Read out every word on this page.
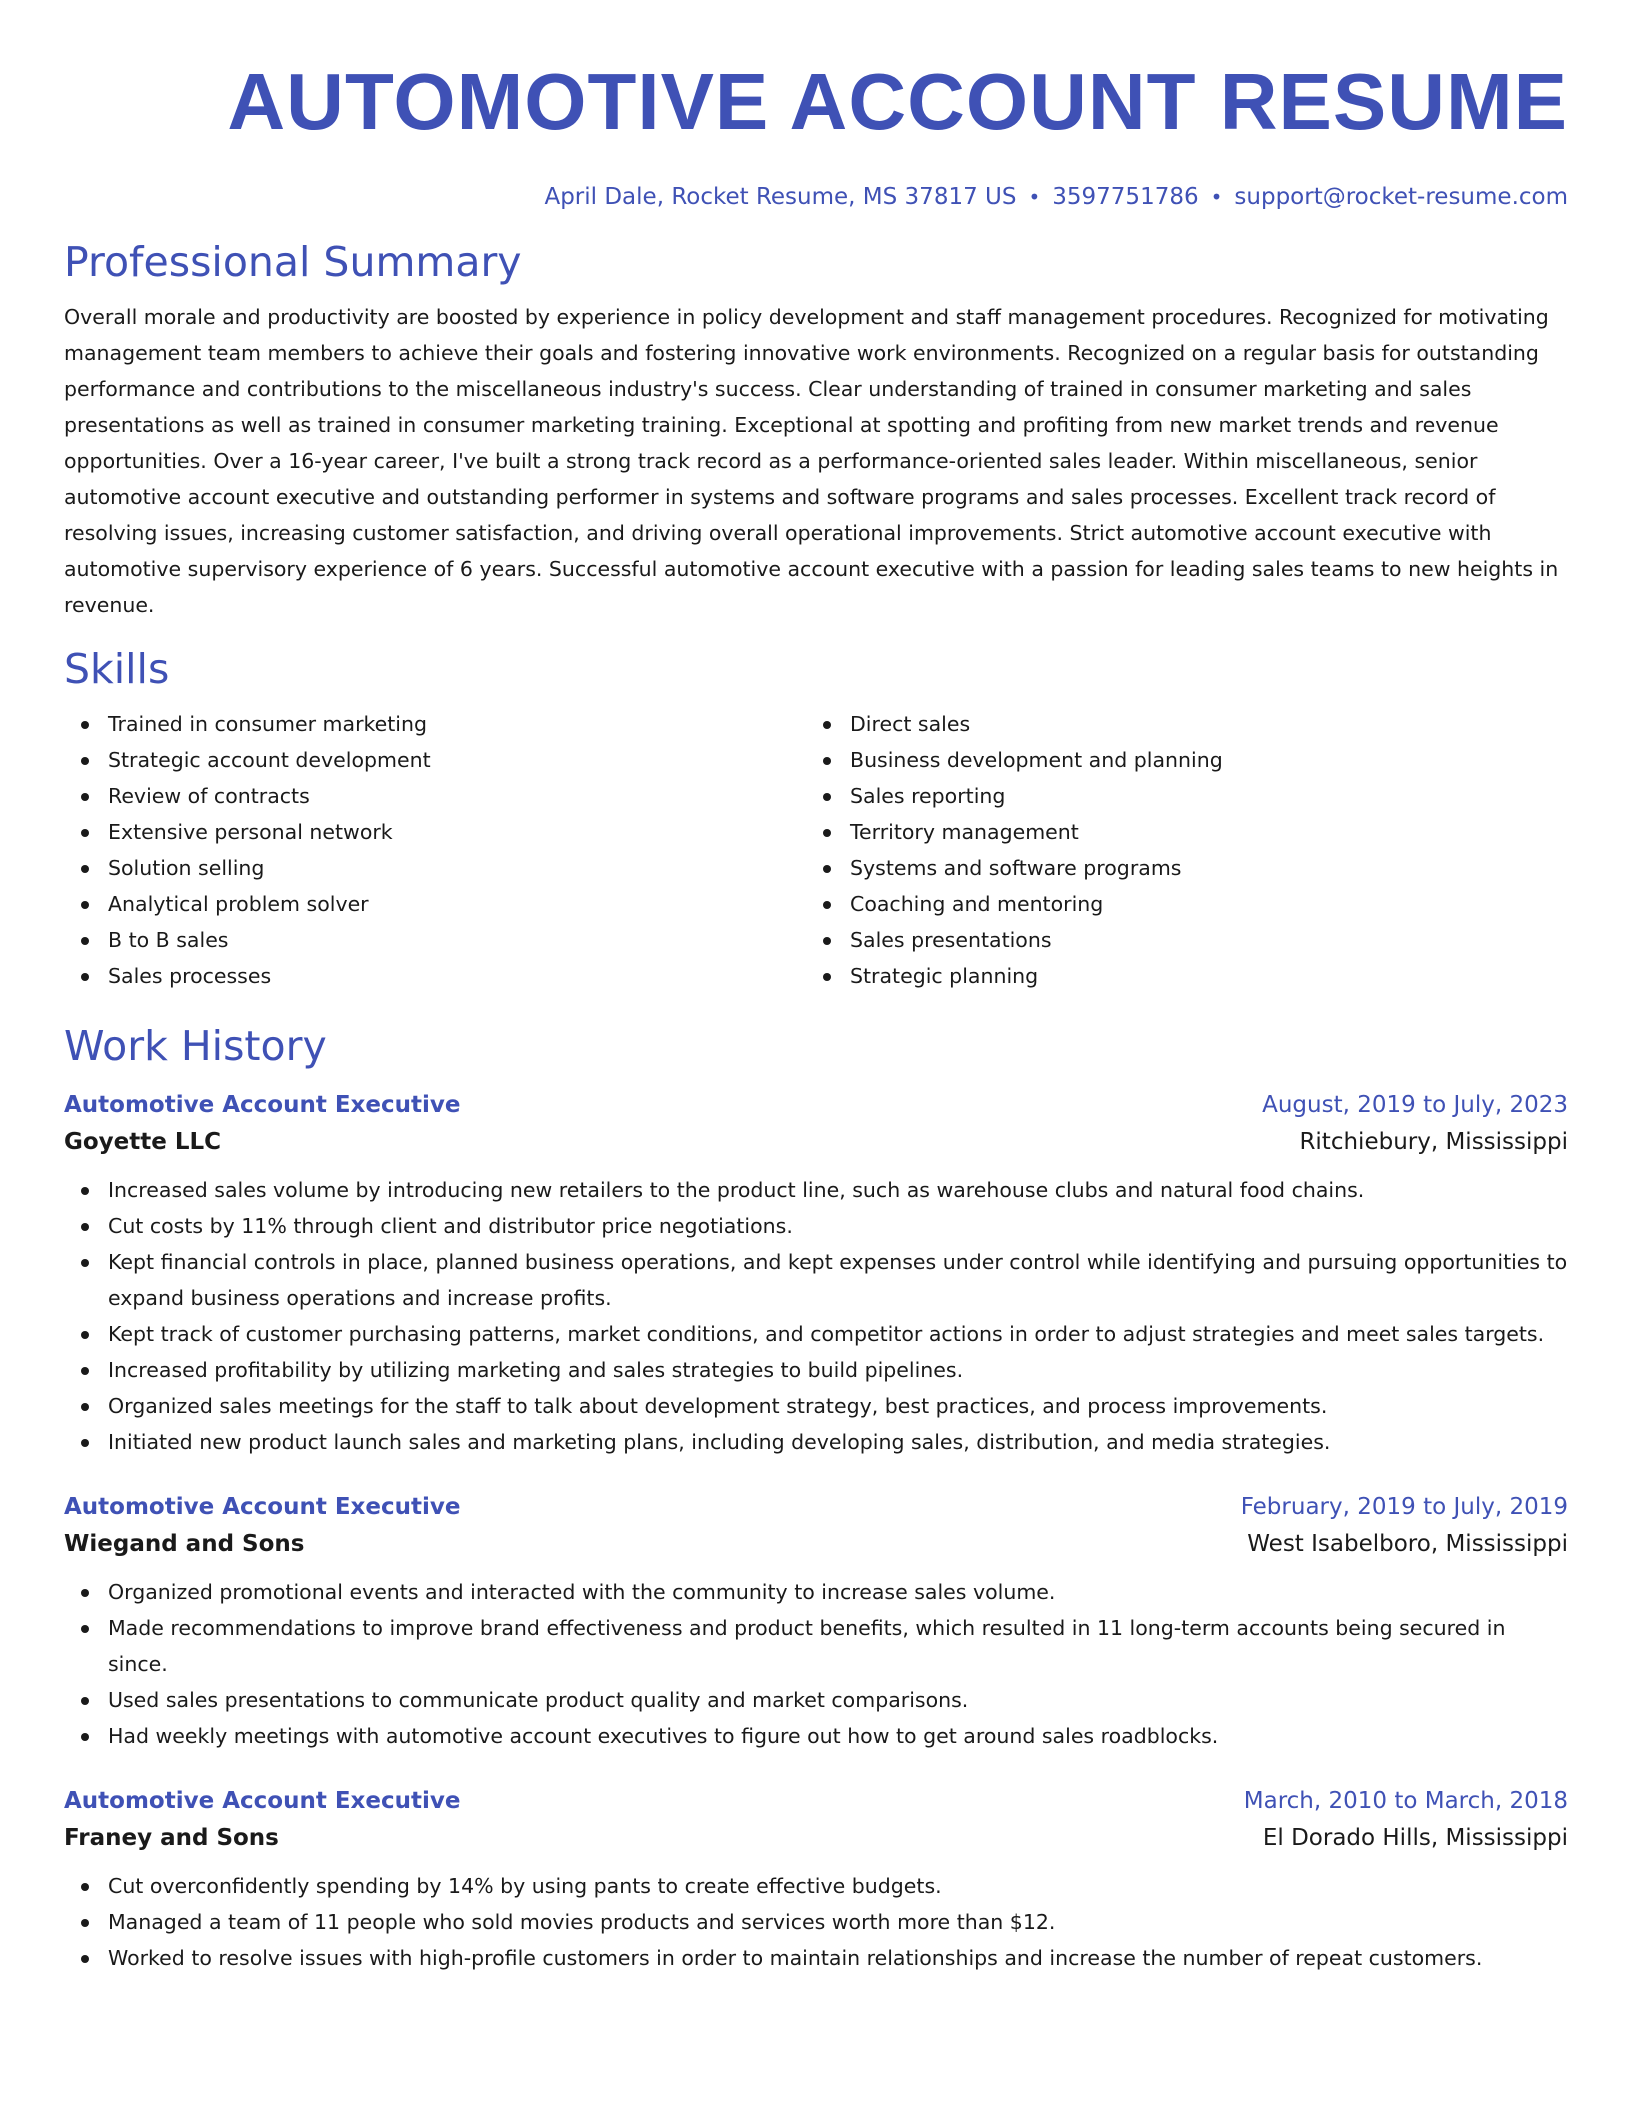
AUTOMOTIVE ACCOUNT RESUME
April Dale, Rocket Resume, MS 37817 US • 3597751786 • support@rocket-resume.com
Professional Summary

Overall morale and productivity are boosted by experience in policy development and staff management procedures. Recognized for motivating management team members to achieve their goals and fostering innovative work environments. Recognized on a regular basis for outstanding performance and contributions to the miscellaneous industry's success. Clear understanding of trained in consumer marketing and sales presentations as well as trained in consumer marketing training. Exceptional at spotting and profiting from new market trends and revenue opportunities. Over a 16-year career, I've built a strong track record as a performance-oriented sales leader. Within miscellaneous, senior automotive account executive and outstanding performer in systems and software programs and sales processes. Excellent track record of resolving issues, increasing customer satisfaction, and driving overall operational improvements. Strict automotive account executive with automotive supervisory experience of 6 years. Successful automotive account executive with a passion for leading sales teams to new heights in revenue.

Skills
Trained in consumer marketing
Strategic account development
Review of contracts
Extensive personal network
Solution selling
Analytical problem solver
B to B sales
Sales processes
Direct sales
Business development and planning
Sales reporting
Territory management
Systems and software programs
Coaching and mentoring
Sales presentations
Strategic planning
Work History
Automotive Account Executive	August, 2019 to July, 2023
Goyette LLC	Ritchiebury, Mississippi
Increased sales volume by introducing new retailers to the product line, such as warehouse clubs and natural food chains.
Cut costs by 11% through client and distributor price negotiations.
Kept financial controls in place, planned business operations, and kept expenses under control while identifying and pursuing opportunities to expand business operations and increase profits.
Kept track of customer purchasing patterns, market conditions, and competitor actions in order to adjust strategies and meet sales targets.
Increased profitability by utilizing marketing and sales strategies to build pipelines.
Organized sales meetings for the staff to talk about development strategy, best practices, and process improvements.
Initiated new product launch sales and marketing plans, including developing sales, distribution, and media strategies.
Automotive Account Executive	February, 2019 to July, 2019
Wiegand and Sons	West Isabelboro, Mississippi
Organized promotional events and interacted with the community to increase sales volume.
Made recommendations to improve brand effectiveness and product benefits, which resulted in 11 long-term accounts being secured in since.
Used sales presentations to communicate product quality and market comparisons.
Had weekly meetings with automotive account executives to figure out how to get around sales roadblocks.
Automotive Account Executive	March, 2010 to March, 2018
Franey and Sons	El Dorado Hills, Mississippi
Cut overconfidently spending by 14% by using pants to create effective budgets.
Managed a team of 11 people who sold movies products and services worth more than $12.
Worked to resolve issues with high-profile customers in order to maintain relationships and increase the number of repeat customers.
